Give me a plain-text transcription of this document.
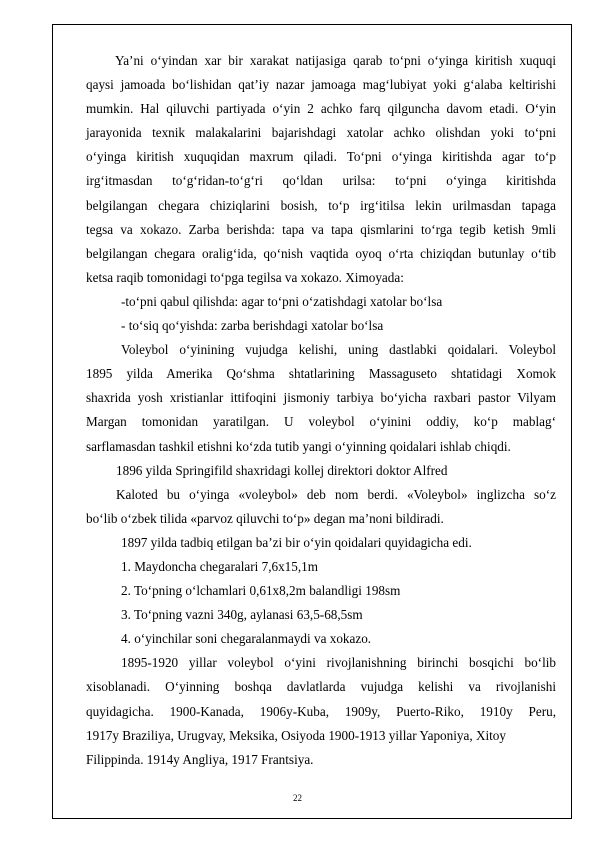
Ya’ni o‘yindan xar bir xarakat natijasiga qarab to‘pni o‘yinga kiritish xuquqi

qaysi jamoada bo‘lishidan qat’iy nazar jamoaga mag‘lubiyat yoki g‘alaba keltirishi

mumkin. Hal qiluvchi partiyada o‘yin 2 achko farq qilguncha davom etadi. O‘yin

jarayonida texnik malakalarini bajarishdagi xatolar achko olishdan yoki to‘pni

o‘yinga kiritish xuquqidan maxrum qiladi. To‘pni o‘yinga kiritishda agar to‘p

irg‘itmasdan to‘g‘ridan-to‘g‘ri qo‘ldan urilsa: to‘pni o‘yinga kiritishda

belgilangan chegara chiziqlarini bosish, to‘p irg‘itilsa lekin urilmasdan tapaga

tegsa va xokazo. Zarba berishda: tapa va tapa qismlarini to‘rga tegib ketish 9mli

belgilangan chegara oralig‘ida, qo‘nish vaqtida oyoq o‘rta chiziqdan butunlay o‘tib

ketsa raqib tomonidagi to‘pga tegilsa va xokazo. Ximoyada:

-to‘pni qabul qilishda: agar to‘pni o‘zatishdagi xatolar bo‘lsa

- to‘siq qo‘yishda: zarba berishdagi xatolar bo‘lsa

Voleybol o‘yinining vujudga kelishi, uning dastlabki qoidalari. Voleybol

1895 yilda Amerika Qo‘shma shtatlarining Massaguseto shtatidagi Xomok

shaxrida yosh xristianlar ittifoqini jismoniy tarbiya bo‘yicha raxbari pastor Vilyam

Margan tomonidan yaratilgan. U voleybol o‘yinini oddiy, ko‘p mablag‘

sarflamasdan tashkil etishni ko‘zda tutib yangi o‘yinning qoidalari ishlab chiqdi.

1896 yilda Springifild shaxridagi kollej direktori doktor Alfred

Kaloted bu o‘yinga «voleybol» deb nom berdi. «Voleybol» inglizcha so‘z

bo‘lib o‘zbek tilida «parvoz qiluvchi to‘p» degan ma’noni bildiradi.

1897 yilda tadbiq etilgan ba’zi bir o‘yin qoidalari quyidagicha edi.

1. Maydoncha chegaralari 7,6x15,1m

2. To‘pning o‘lchamlari 0,61x8,2m balandligi 198sm

3. To‘pning vazni 340g, aylanasi 63,5-68,5sm

4. o‘yinchilar soni chegaralanmaydi va xokazo.

1895-1920 yillar voleybol o‘yini rivojlanishning birinchi bosqichi bo‘lib

xisoblanadi. O‘yinning boshqa davlatlarda vujudga kelishi va rivojlanishi

quyidagicha. 1900-Kanada, 1906y-Kuba, 1909y, Puerto-Riko, 1910y Peru,

1917y Braziliya, Urugvay, Meksika, Osiyoda 1900-1913 yillar Yaponiya, Xitoy

Filippinda. 1914y Angliya, 1917 Frantsiya.

22
